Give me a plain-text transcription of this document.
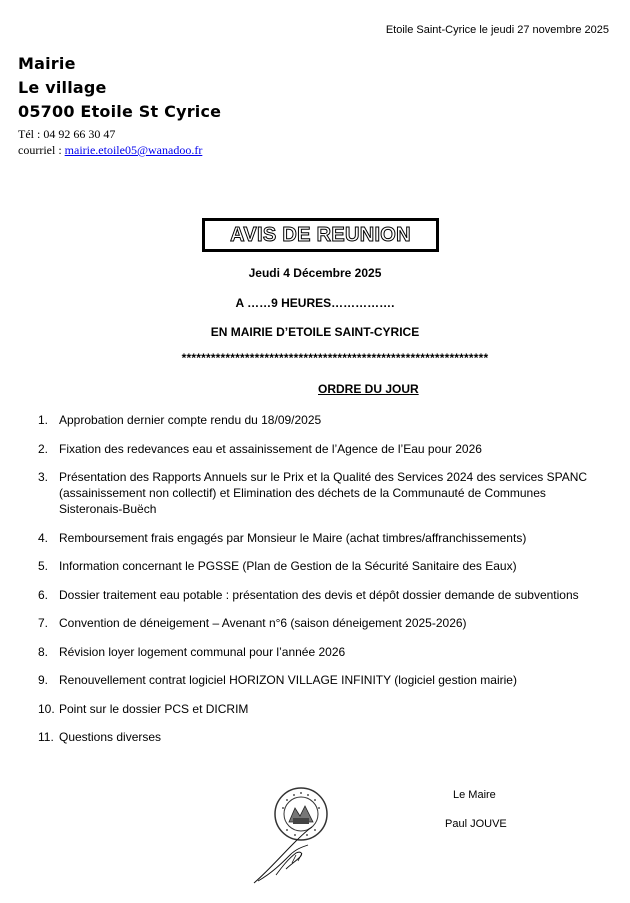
Etoile Saint-Cyrice le jeudi 27 novembre 2025
Mairie
Le village
05700 Etoile St Cyrice
Tél : 04 92 66 30 47
courriel : mairie.etoile05@wanadoo.fr
AVIS DE REUNION
Jeudi 4 Décembre 2025
A ……9 HEURES…………….
EN MAIRIE D’ETOILE SAINT-CYRICE
***************************************************************
ORDRE DU JOUR
1. Approbation dernier compte rendu du 18/09/2025
2. Fixation des redevances eau et assainissement de l’Agence de l’Eau pour 2026
3. Présentation des Rapports Annuels sur le Prix et la Qualité des Services 2024 des services SPANC (assainissement non collectif) et Elimination des déchets de la Communauté de Communes Sisteronais-Buëch
4. Remboursement frais engagés par Monsieur le Maire (achat timbres/affranchissements)
5. Information concernant le PGSSE (Plan de Gestion de la Sécurité Sanitaire des Eaux)
6. Dossier traitement eau potable : présentation des devis et dépôt dossier demande de subventions
7. Convention de déneigement – Avenant n°6 (saison déneigement 2025-2026)
8. Révision loyer logement communal pour l’année 2026
9. Renouvellement contrat logiciel HORIZON VILLAGE INFINITY (logiciel gestion mairie)
10. Point sur le dossier PCS et DICRIM
11. Questions diverses
Le Maire
Paul JOUVE
